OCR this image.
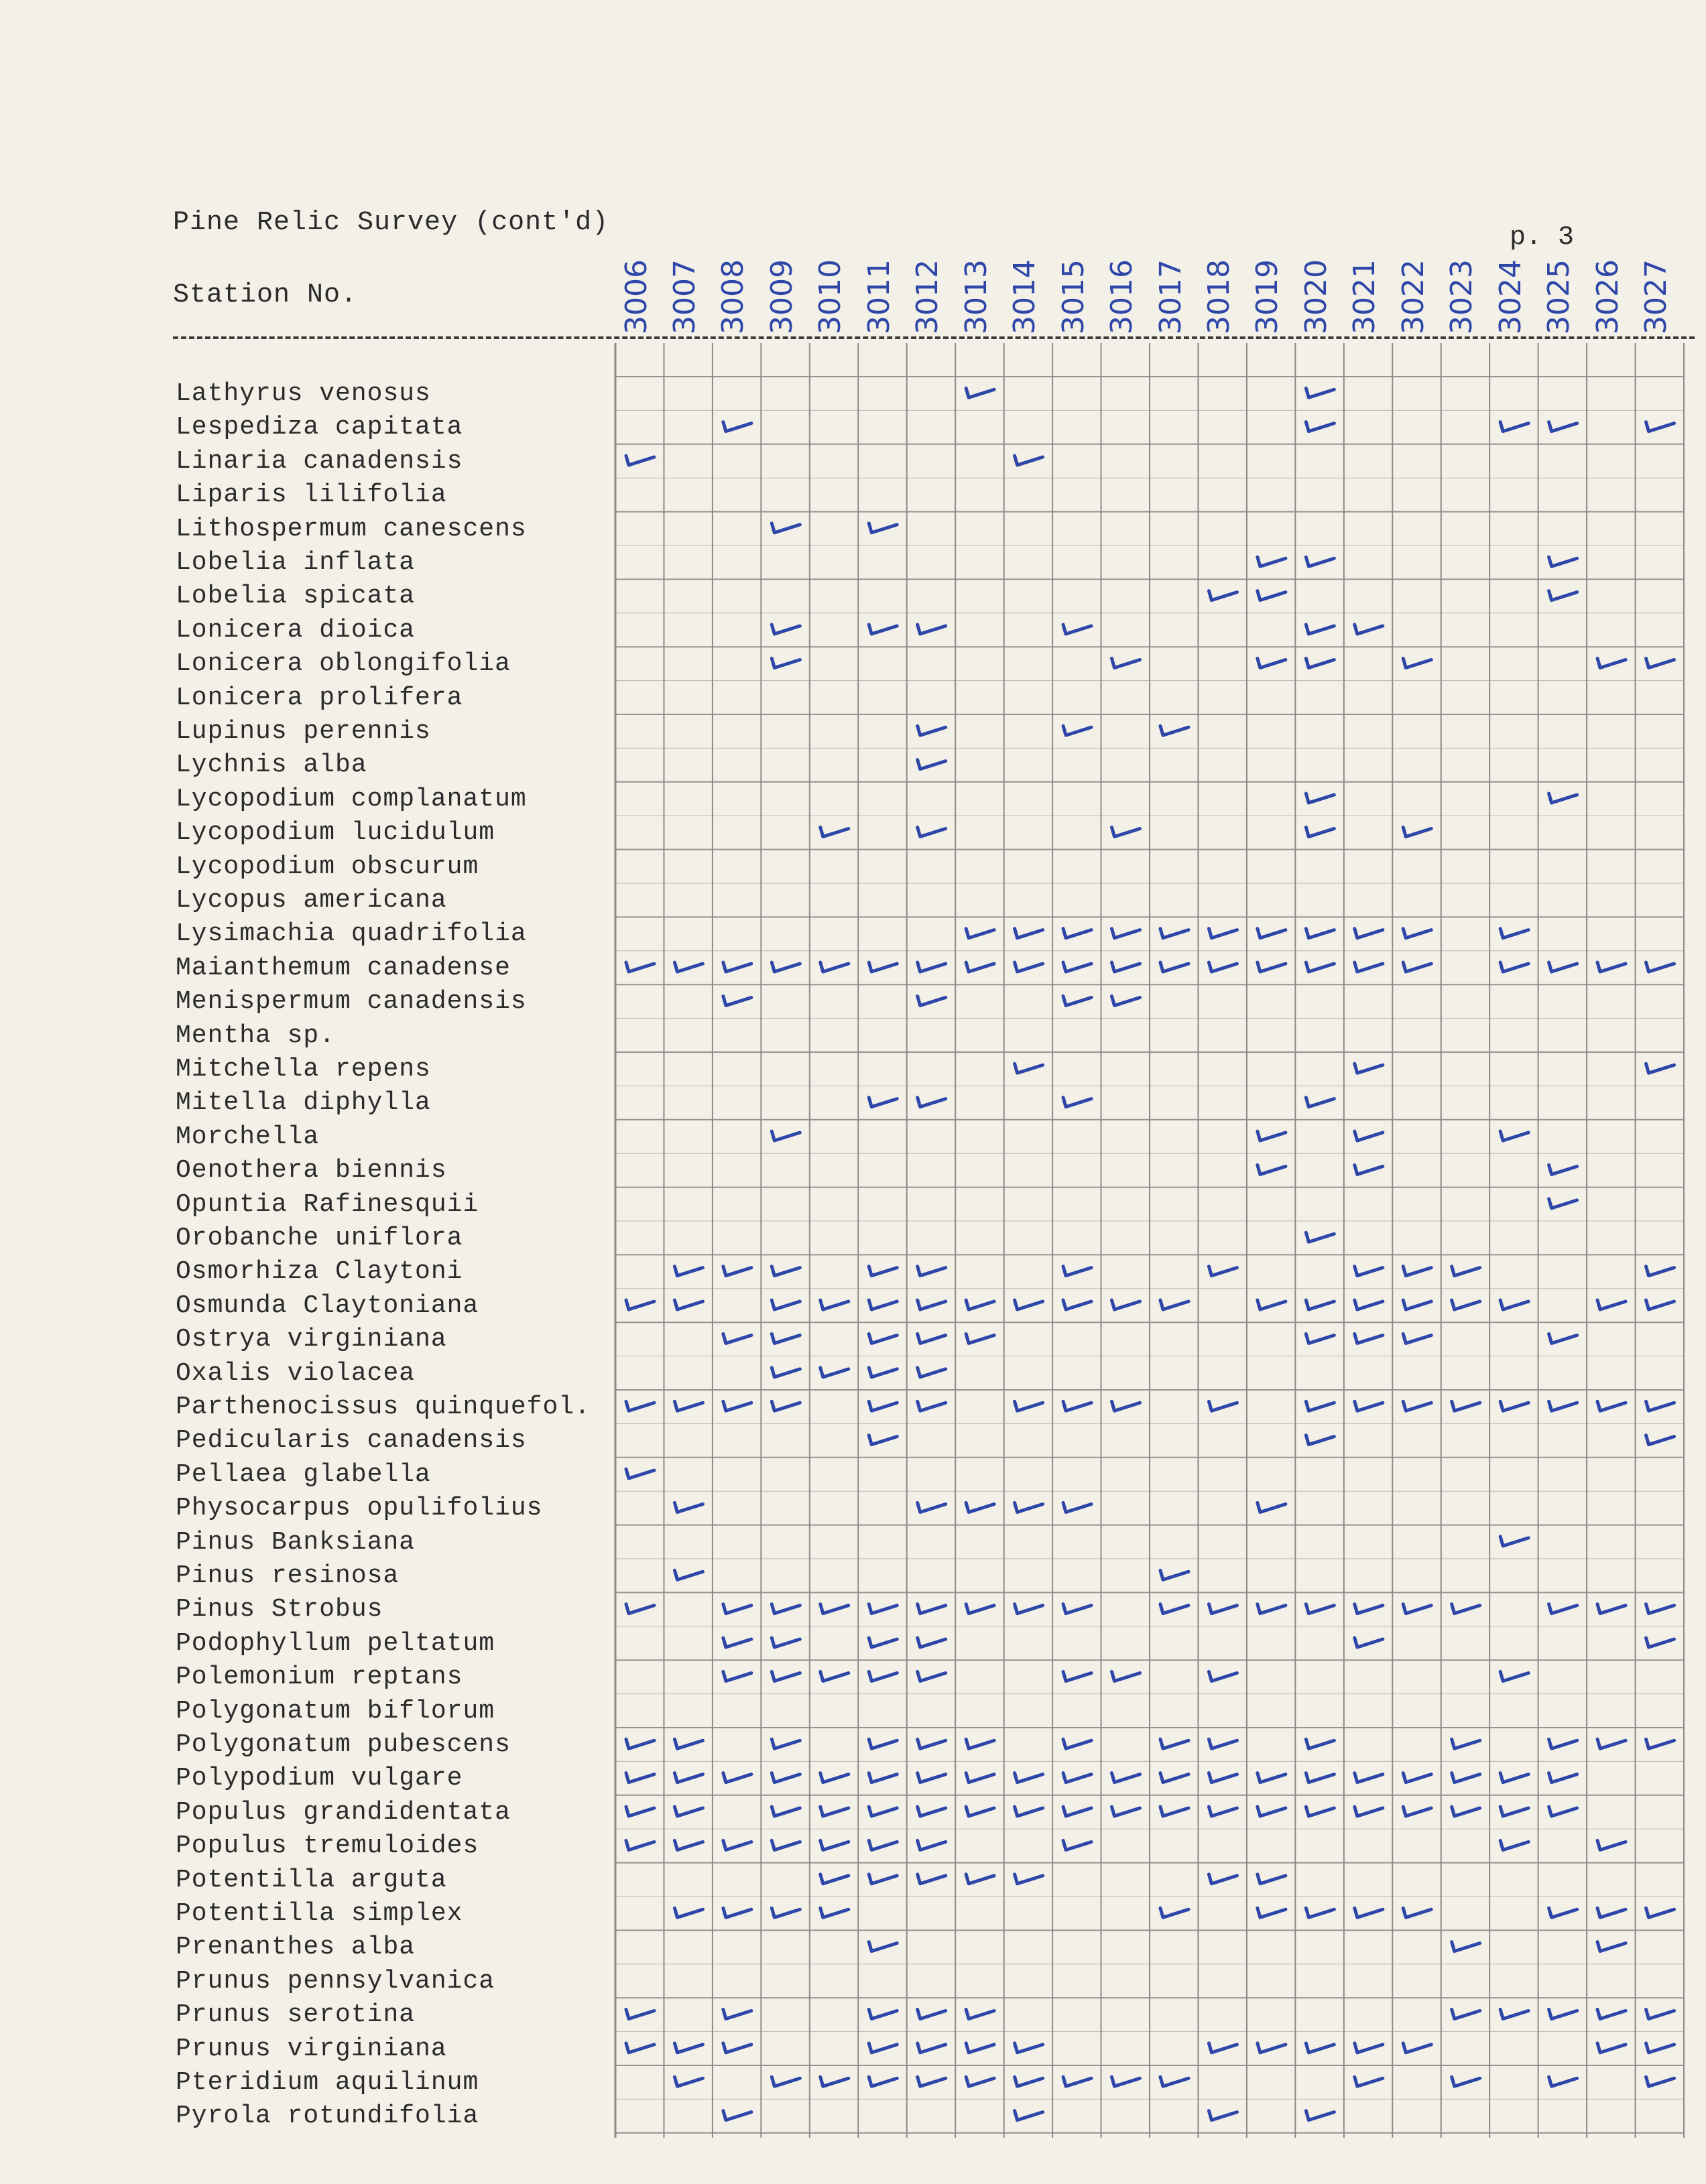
Pine Relic Survey (cont'd)	p. 3
Station No.	3006 3007 3008 3009 3010 3011 3012 3013 3014 3015 3016 3017 3018 3019 3020 3021 3022 3023 3024 3025 3026 3027
Lathyrus venosus
Lespediza capitata
Linaria canadensis
Liparis lilifolia
Lithospermum canescens
Lobelia inflata
Lobelia spicata
Lonicera dioica
Lonicera oblongifolia
Lonicera prolifera
Lupinus perennis
Lychnis alba
Lycopodium complanatum
Lycopodium lucidulum
Lycopodium obscurum
Lycopus americana
Lysimachia quadrifolia
Maianthemum canadense
Menispermum canadensis
Mentha sp.
Mitchella repens
Mitella diphylla
Morchella
Oenothera biennis
Opuntia Rafinesquii
Orobanche uniflora
Osmorhiza Claytoni
Osmunda Claytoniana
Ostrya virginiana
Oxalis violacea
Parthenocissus quinquefol.
Pedicularis canadensis
Pellaea glabella
Physocarpus opulifolius
Pinus Banksiana
Pinus resinosa
Pinus Strobus
Podophyllum peltatum
Polemonium reptans
Polygonatum biflorum
Polygonatum pubescens
Polypodium vulgare
Populus grandidentata
Populus tremuloides
Potentilla arguta
Potentilla simplex
Prenanthes alba
Prunus pennsylvanica
Prunus serotina
Prunus virginiana
Pteridium aquilinum
Pyrola rotundifolia
